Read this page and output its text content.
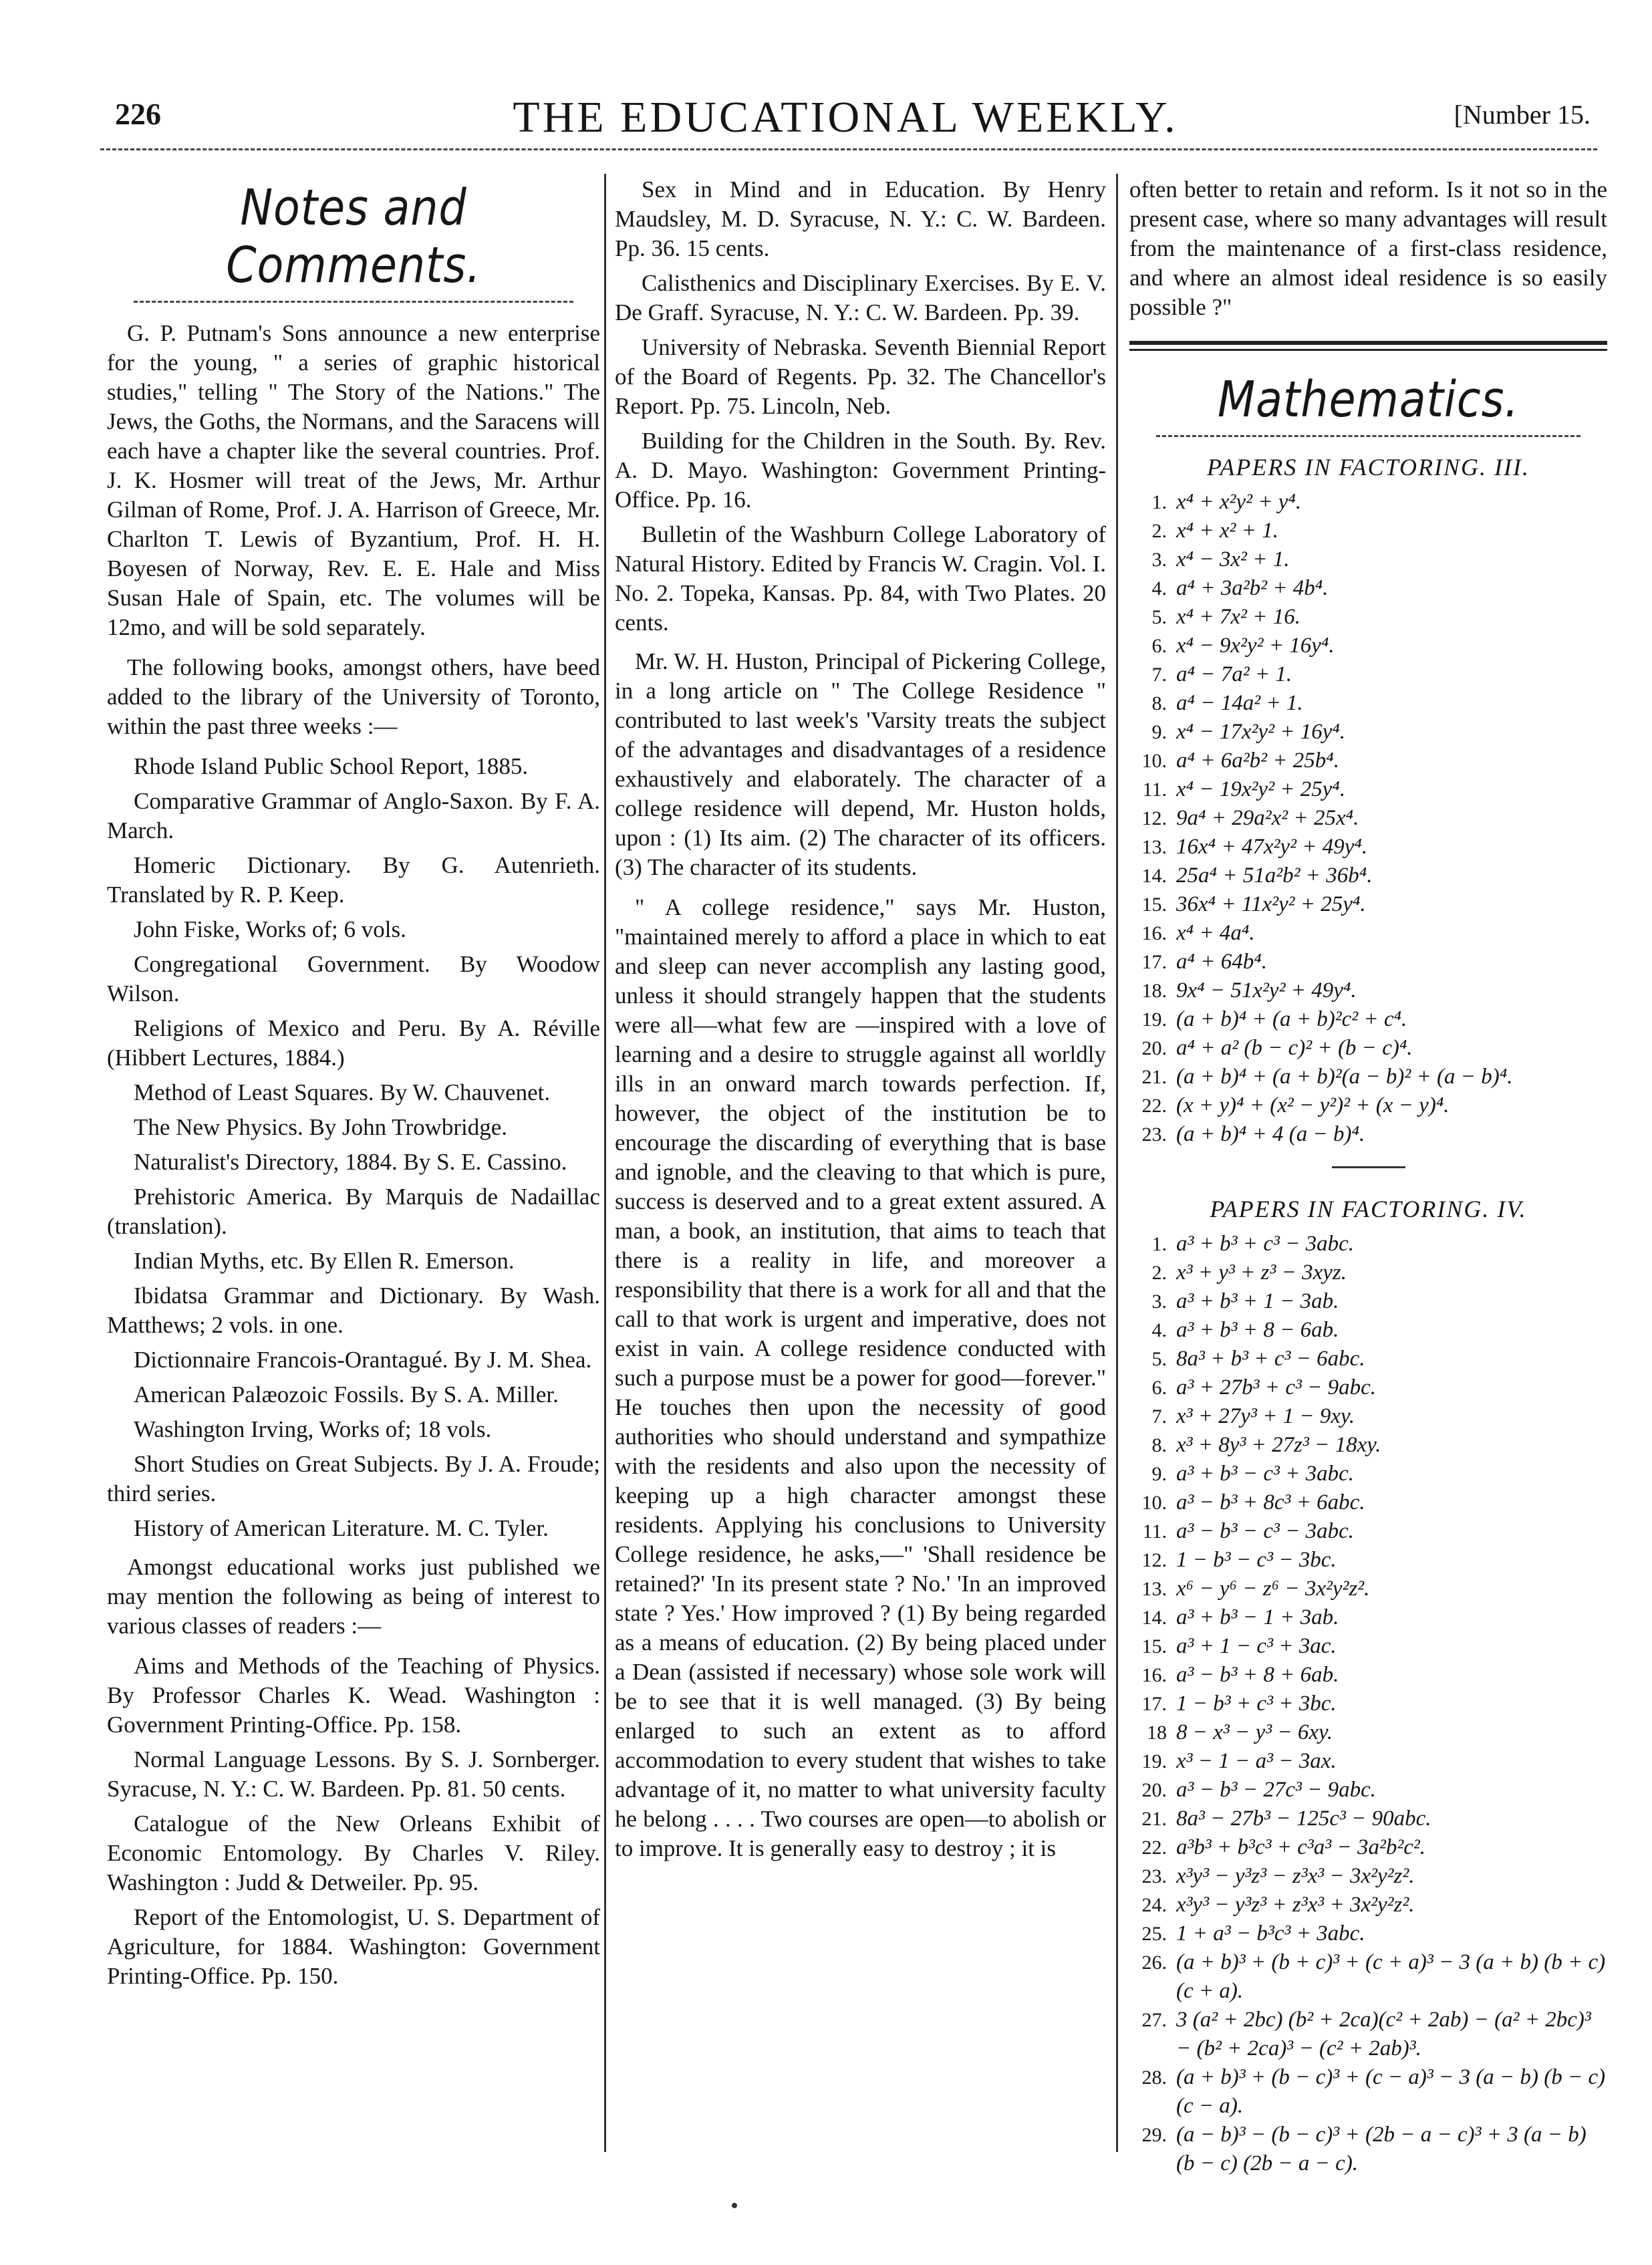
226	THE EDUCATIONAL WEEKLY.	[Number 15.
Notes and Comments.

G. P. Putnam's Sons announce a new enterprise for the young, " a series of graphic historical studies," telling " The Story of the Nations." The Jews, the Goths, the Normans, and the Saracens will each have a chapter like the several countries. Prof. J. K. Hosmer will treat of the Jews, Mr. Arthur Gilman of Rome, Prof. J. A. Harrison of Greece, Mr. Charlton T. Lewis of Byzantium, Prof. H. H. Boyesen of Norway, Rev. E. E. Hale and Miss Susan Hale of Spain, etc. The volumes will be 12mo, and will be sold separately.

The following books, amongst others, have beed added to the library of the University of Toronto, within the past three weeks :—

Rhode Island Public School Report, 1885.
Comparative Grammar of Anglo-Saxon. By F. A. March.
Homeric Dictionary. By G. Autenrieth. Translated by R. P. Keep.
John Fiske, Works of; 6 vols.
Congregational Government. By Woodow Wilson.
Religions of Mexico and Peru. By A. Réville (Hibbert Lectures, 1884.)
Method of Least Squares. By W. Chauvenet.
The New Physics. By John Trowbridge.
Naturalist's Directory, 1884. By S. E. Cassino.
Prehistoric America. By Marquis de Nadaillac (translation).
Indian Myths, etc. By Ellen R. Emerson.
Ibidatsa Grammar and Dictionary. By Wash. Matthews; 2 vols. in one.
Dictionnaire Francois-Orantagué. By J. M. Shea.
American Palæozoic Fossils. By S. A. Miller.
Washington Irving, Works of; 18 vols.
Short Studies on Great Subjects. By J. A. Froude; third series.
History of American Literature. M. C. Tyler.

Amongst educational works just published we may mention the following as being of interest to various classes of readers :—

Aims and Methods of the Teaching of Physics. By Professor Charles K. Wead. Washington : Government Printing-Office. Pp. 158.
Normal Language Lessons. By S. J. Sornberger. Syracuse, N. Y.: C. W. Bardeen. Pp. 81. 50 cents.
Catalogue of the New Orleans Exhibit of Economic Entomology. By Charles V. Riley. Washington : Judd & Detweiler. Pp. 95.
Report of the Entomologist, U. S. Department of Agriculture, for 1884. Washington: Government Printing-Office. Pp. 150.
Sex in Mind and in Education. By Henry Maudsley, M. D. Syracuse, N. Y.: C. W. Bardeen. Pp. 36. 15 cents.
Calisthenics and Disciplinary Exercises. By E. V. De Graff. Syracuse, N. Y.: C. W. Bardeen. Pp. 39.
University of Nebraska. Seventh Biennial Report of the Board of Regents. Pp. 32. The Chancellor's Report. Pp. 75. Lincoln, Neb.
Building for the Children in the South. By. Rev. A. D. Mayo. Washington: Government Printing-Office. Pp. 16.
Bulletin of the Washburn College Laboratory of Natural History. Edited by Francis W. Cragin. Vol. I. No. 2. Topeka, Kansas. Pp. 84, with Two Plates. 20 cents.

Mr. W. H. Huston, Principal of Pickering College, in a long article on " The College Residence " contributed to last week's 'Varsity treats the subject of the advantages and disadvantages of a residence exhaustively and elaborately. The character of a college residence will depend, Mr. Huston holds, upon : (1) Its aim. (2) The character of its officers. (3) The character of its students.

" A college residence," says Mr. Huston, "maintained merely to afford a place in which to eat and sleep can never accomplish any lasting good, unless it should strangely happen that the students were all—what few are —inspired with a love of learning and a desire to struggle against all worldly ills in an onward march towards perfection. If, however, the object of the institution be to encourage the discarding of everything that is base and ignoble, and the cleaving to that which is pure, success is deserved and to a great extent assured. A man, a book, an institution, that aims to teach that there is a reality in life, and moreover a responsibility that there is a work for all and that the call to that work is urgent and imperative, does not exist in vain. A college residence conducted with such a purpose must be a power for good—forever." He touches then upon the necessity of good authorities who should understand and sympathize with the residents and also upon the necessity of keeping up a high character amongst these residents. Applying his conclusions to University College residence, he asks,—" 'Shall residence be retained?' 'In its present state ? No.' 'In an improved state ? Yes.' How improved ? (1) By being regarded as a means of education. (2) By being placed under a Dean (assisted if necessary) whose sole work will be to see that it is well managed. (3) By being enlarged to such an extent as to afford accommodation to every student that wishes to take advantage of it, no matter to what university faculty he belong . . . . Two courses are open—to abolish or to improve. It is generally easy to destroy ; it is

often better to retain and reform. Is it not so in the present case, where so many advantages will result from the maintenance of a first-class residence, and where an almost ideal residence is so easily possible ?"

Mathematics.
PAPERS IN FACTORING. III.
1. x⁴ + x²y² + y⁴.
2. x⁴ + x² + 1.
3. x⁴ − 3x² + 1.
4. a⁴ + 3a²b² + 4b⁴.
5. x⁴ + 7x² + 16.
6. x⁴ − 9x²y² + 16y⁴.
7. a⁴ − 7a² + 1.
8. a⁴ − 14a² + 1.
9. x⁴ − 17x²y² + 16y⁴.
10. a⁴ + 6a²b² + 25b⁴.
11. x⁴ − 19x²y² + 25y⁴.
12. 9a⁴ + 29a²x² + 25x⁴.
13. 16x⁴ + 47x²y² + 49y⁴.
14. 25a⁴ + 51a²b² + 36b⁴.
15. 36x⁴ + 11x²y² + 25y⁴.
16. x⁴ + 4a⁴.
17. a⁴ + 64b⁴.
18. 9x⁴ − 51x²y² + 49y⁴.
19. (a + b)⁴ + (a + b)²c² + c⁴.
20. a⁴ + a² (b − c)² + (b − c)⁴.
21. (a + b)⁴ + (a + b)²(a − b)² + (a − b)⁴.
22. (x + y)⁴ + (x² − y²)² + (x − y)⁴.
23. (a + b)⁴ + 4 (a − b)⁴.
PAPERS IN FACTORING. IV.
1. a³ + b³ + c³ − 3abc.
2. x³ + y³ + z³ − 3xyz.
3. a³ + b³ + 1 − 3ab.
4. a³ + b³ + 8 − 6ab.
5. 8a³ + b³ + c³ − 6abc.
6. a³ + 27b³ + c³ − 9abc.
7. x³ + 27y³ + 1 − 9xy.
8. x³ + 8y³ + 27z³ − 18xy.
9. a³ + b³ − c³ + 3abc.
10. a³ − b³ + 8c³ + 6abc.
11. a³ − b³ − c³ − 3abc.
12. 1 − b³ − c³ − 3bc.
13. x⁶ − y⁶ − z⁶ − 3x²y²z².
14. a³ + b³ − 1 + 3ab.
15. a³ + 1 − c³ + 3ac.
16. a³ − b³ + 8 + 6ab.
17. 1 − b³ + c³ + 3bc.
18 8 − x³ − y³ − 6xy.
19. x³ − 1 − a³ − 3ax.
20. a³ − b³ − 27c³ − 9abc.
21. 8a³ − 27b³ − 125c³ − 90abc.
22. a³b³ + b³c³ + c³a³ − 3a²b²c².
23. x³y³ − y³z³ − z³x³ − 3x²y²z².
24. x³y³ − y³z³ + z³x³ + 3x²y²z².
25. 1 + a³ − b³c³ + 3abc.
26. (a + b)³ + (b + c)³ + (c + a)³ − 3 (a + b) (b + c) (c + a).
27. 3 (a² + 2bc) (b² + 2ca)(c² + 2ab) − (a² + 2bc)³ − (b² + 2ca)³ − (c² + 2ab)³.
28. (a + b)³ + (b − c)³ + (c − a)³ − 3 (a − b) (b − c) (c − a).
29. (a − b)³ − (b − c)³ + (2b − a − c)³ + 3 (a − b) (b − c) (2b − a − c).
